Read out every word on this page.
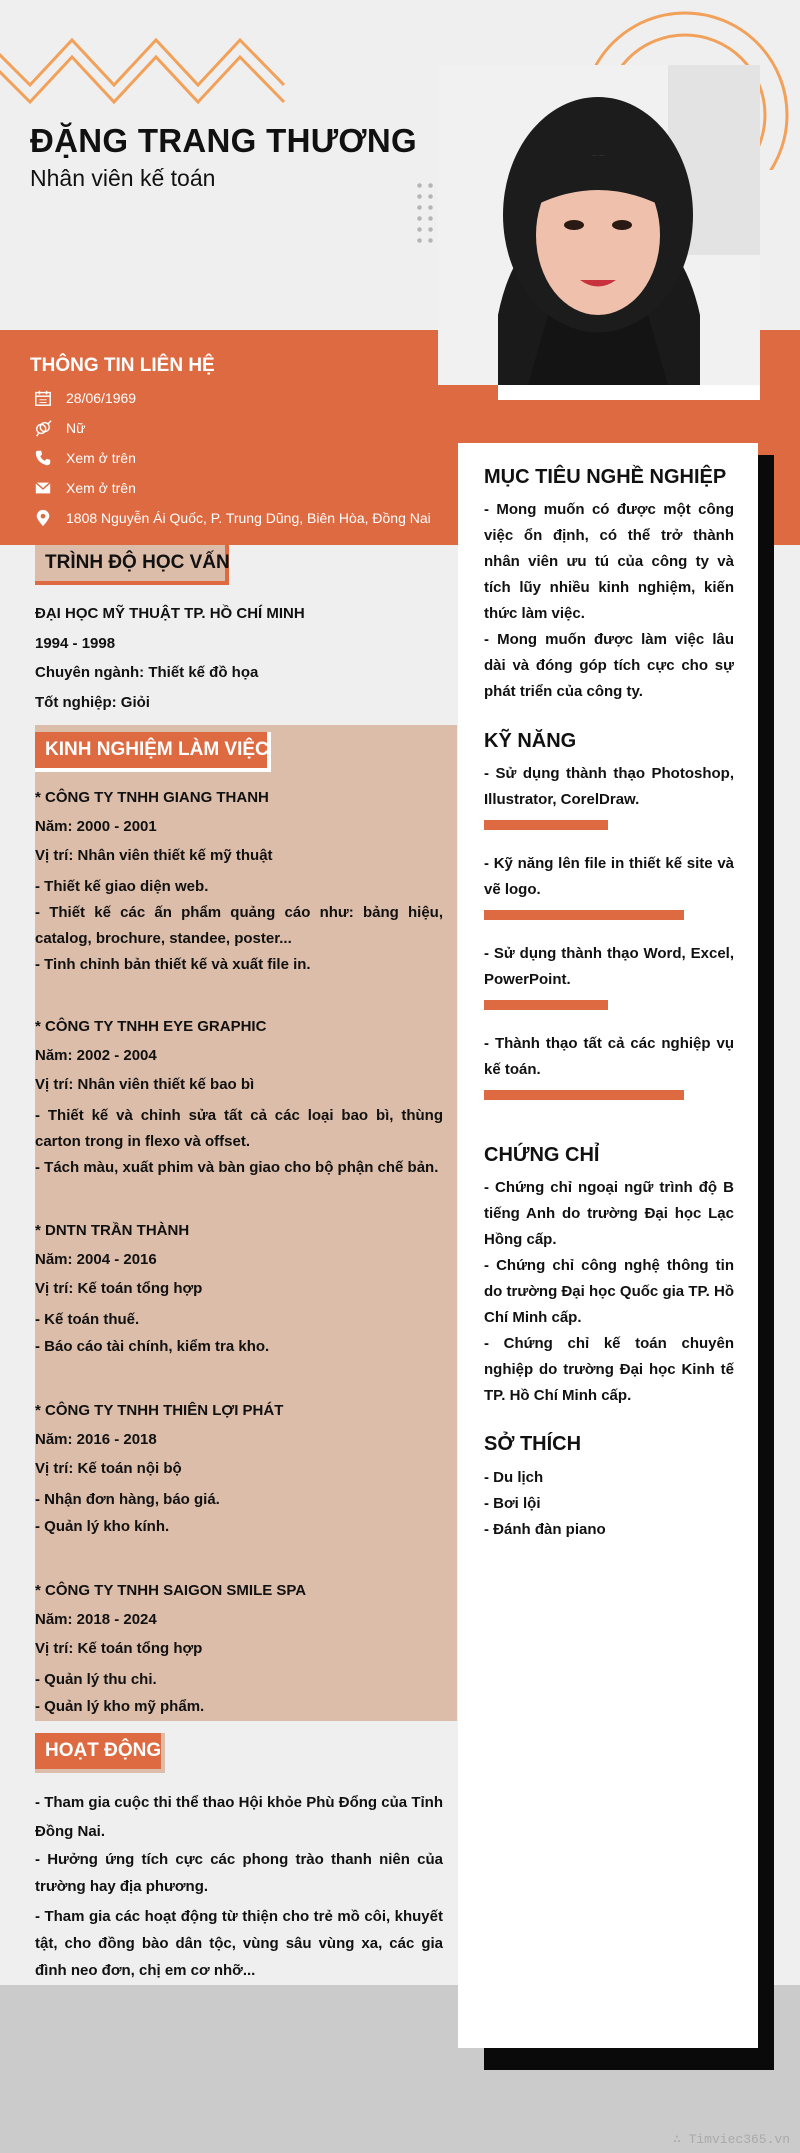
ĐẶNG TRANG THƯƠNG
Nhân viên kế toán
THÔNG TIN LIÊN HỆ
28/06/1969
Nữ
Xem ở trên
Xem ở trên
1808 Nguyễn Ái Quốc, P. Trung Dũng, Biên Hòa, Đồng Nai
TRÌNH ĐỘ HỌC VẤN
ĐẠI HỌC MỸ THUẬT TP. HỒ CHÍ MINH
1994 - 1998
Chuyên ngành: Thiết kế đồ họa
Tốt nghiệp: Giỏi
KINH NGHIỆM LÀM VIỆC
* CÔNG TY TNHH GIANG THANH
Năm: 2000 - 2001
Vị trí: Nhân viên thiết kế mỹ thuật
- Thiết kế giao diện web.
- Thiết kế các ấn phẩm quảng cáo như: bảng hiệu, catalog, brochure, standee, poster...
- Tinh chỉnh bản thiết kế và xuất file in.
* CÔNG TY TNHH EYE GRAPHIC
Năm: 2002 - 2004
Vị trí: Nhân viên thiết kế bao bì
- Thiết kế và chỉnh sửa tất cả các loại bao bì, thùng carton trong in flexo và offset.
- Tách màu, xuất phim và bàn giao cho bộ phận chế bản.
* DNTN TRẦN THÀNH
Năm: 2004 - 2016
Vị trí: Kế toán tổng hợp
- Kế toán thuế.
- Báo cáo tài chính, kiểm tra kho.
* CÔNG TY TNHH THIÊN LỢI PHÁT
Năm: 2016 - 2018
Vị trí: Kế toán nội bộ
- Nhận đơn hàng, báo giá.
- Quản lý kho kính.
* CÔNG TY TNHH SAIGON SMILE SPA
Năm: 2018 - 2024
Vị trí: Kế toán tổng hợp
- Quản lý thu chi.
- Quản lý kho mỹ phẩm.
HOẠT ĐỘNG
- Tham gia cuộc thi thể thao Hội khỏe Phù Đổng của Tỉnh Đồng Nai.
- Hưởng ứng tích cực các phong trào thanh niên của trường hay địa phương.
- Tham gia các hoạt động từ thiện cho trẻ mồ côi, khuyết tật, cho đồng bào dân tộc, vùng sâu vùng xa, các gia đình neo đơn, chị em cơ nhỡ...
MỤC TIÊU NGHỀ NGHIỆP
- Mong muốn có được một công việc ổn định, có thể trở thành nhân viên ưu tú của công ty và tích lũy nhiều kinh nghiệm, kiến thức làm việc.
- Mong muốn được làm việc lâu dài và đóng góp tích cực cho sự phát triển của công ty.
KỸ NĂNG
- Sử dụng thành thạo Photoshop, Illustrator, CorelDraw.
- Kỹ năng lên file in thiết kế site và vẽ logo.
- Sử dụng thành thạo Word, Excel, PowerPoint.
- Thành thạo tất cả các nghiệp vụ kế toán.
CHỨNG CHỈ
- Chứng chỉ ngoại ngữ trình độ B tiếng Anh do trường Đại học Lạc Hồng cấp.
- Chứng chỉ công nghệ thông tin do trường Đại học Quốc gia TP. Hồ Chí Minh cấp.
- Chứng chỉ kế toán chuyên nghiệp do trường Đại học Kinh tế TP. Hồ Chí Minh cấp.
SỞ THÍCH
- Du lịch
- Bơi lội
- Đánh đàn piano
∴ Timviec365.vn
